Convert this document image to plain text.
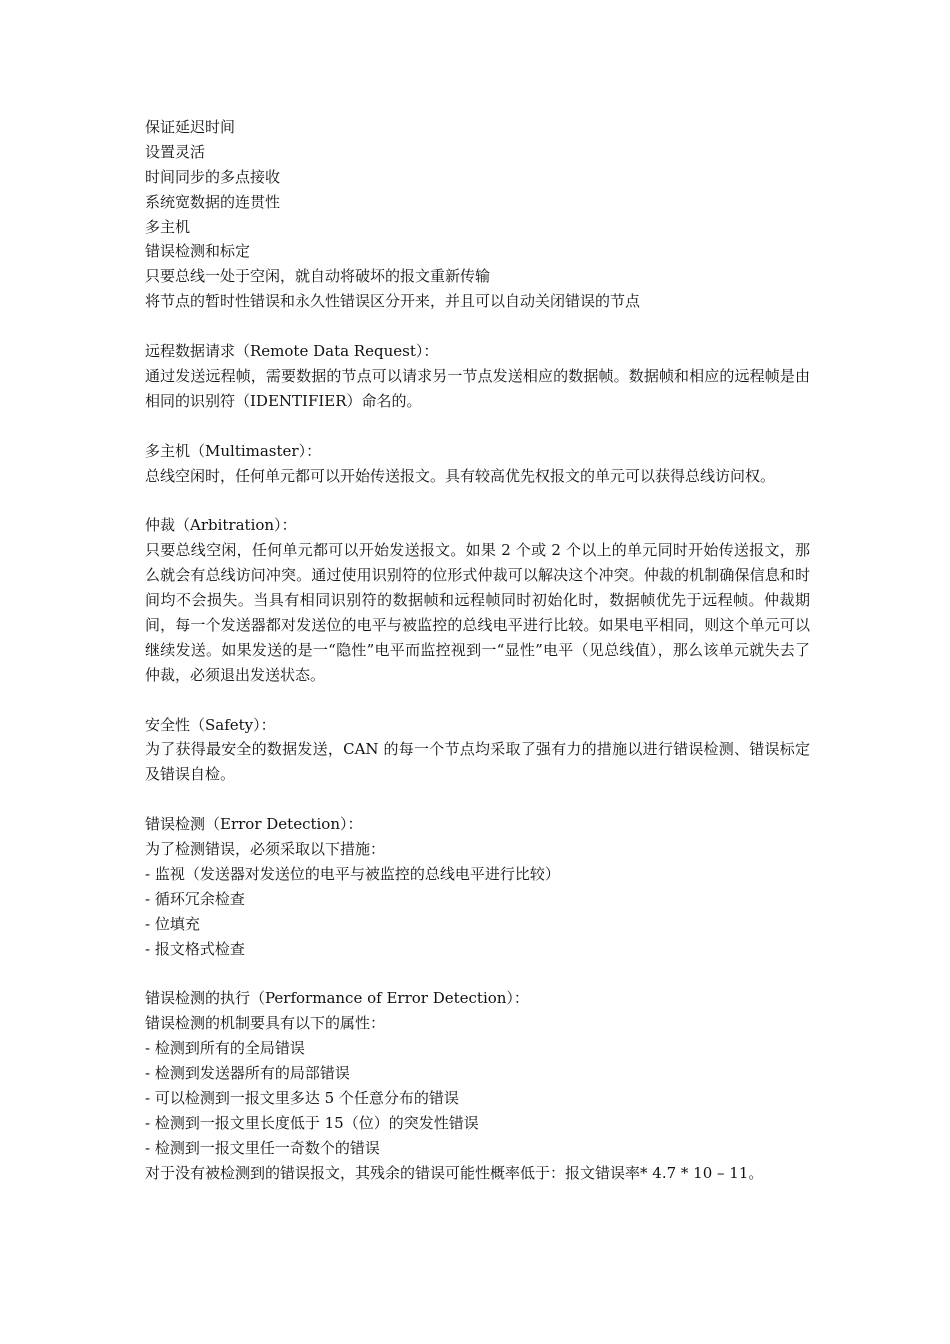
保证延迟时间
设置灵活
时间同步的多点接收
系统宽数据的连贯性
多主机
错误检测和标定
只要总线一处于空闲，就自动将破坏的报文重新传输
将节点的暂时性错误和永久性错误区分开来，并且可以自动关闭错误的节点
远程数据请求（Remote Data Request）：
通过发送远程帧，需要数据的节点可以请求另一节点发送相应的数据帧。数据帧和相应的远程帧是由相同的识别符（IDENTIFIER）命名的。
多主机（Multimaster）：
总线空闲时，任何单元都可以开始传送报文。具有较高优先权报文的单元可以获得总线访问权。
仲裁（Arbitration）：
只要总线空闲，任何单元都可以开始发送报文。如果 2 个或 2 个以上的单元同时开始传送报文，那么就会有总线访问冲突。通过使用识别符的位形式仲裁可以解决这个冲突。仲裁的机制确保信息和时间均不会损失。当具有相同识别符的数据帧和远程帧同时初始化时，数据帧优先于远程帧。仲裁期间，每一个发送器都对发送位的电平与被监控的总线电平进行比较。如果电平相同，则这个单元可以继续发送。如果发送的是一“隐性”电平而监控视到一“显性”电平（见总线值），那么该单元就失去了仲裁，必须退出发送状态。
安全性（Safety）：
为了获得最安全的数据发送，CAN 的每一个节点均采取了强有力的措施以进行错误检测、错误标定及错误自检。
错误检测（Error Detection）：
为了检测错误，必须采取以下措施：
- 监视（发送器对发送位的电平与被监控的总线电平进行比较）
- 循环冗余检查
- 位填充
- 报文格式检查
错误检测的执行（Performance of Error Detection）：
错误检测的机制要具有以下的属性：
- 检测到所有的全局错误
- 检测到发送器所有的局部错误
- 可以检测到一报文里多达 5 个任意分布的错误
- 检测到一报文里长度低于 15（位）的突发性错误
- 检测到一报文里任一奇数个的错误
对于没有被检测到的错误报文，其残余的错误可能性概率低于：报文错误率* 4.7 * 10 – 11。
